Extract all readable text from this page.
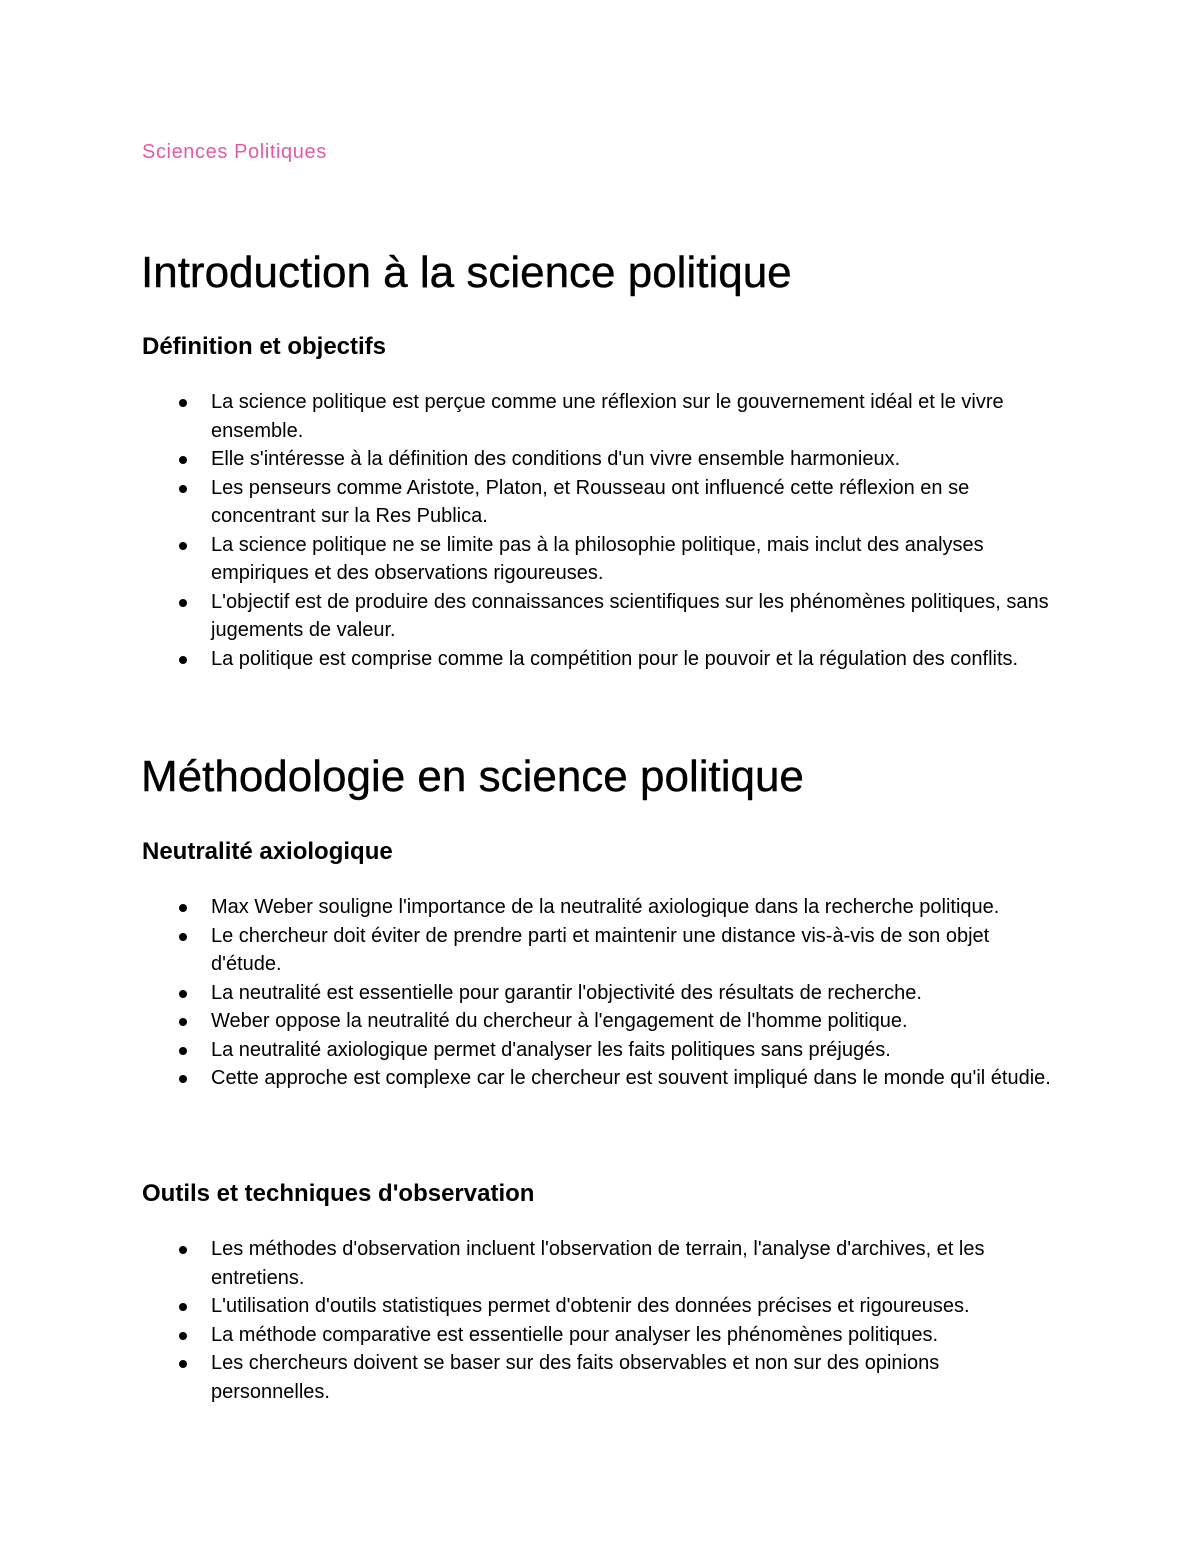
Sciences Politiques
Introduction à la science politique
Définition et objectifs
La science politique est perçue comme une réflexion sur le gouvernement idéal et le vivre ensemble.
Elle s'intéresse à la définition des conditions d'un vivre ensemble harmonieux.
Les penseurs comme Aristote, Platon, et Rousseau ont influencé cette réflexion en se concentrant sur la Res Publica.
La science politique ne se limite pas à la philosophie politique, mais inclut des analyses empiriques et des observations rigoureuses.
L'objectif est de produire des connaissances scientifiques sur les phénomènes politiques, sans jugements de valeur.
La politique est comprise comme la compétition pour le pouvoir et la régulation des conflits.
Méthodologie en science politique
Neutralité axiologique
Max Weber souligne l'importance de la neutralité axiologique dans la recherche politique.
Le chercheur doit éviter de prendre parti et maintenir une distance vis-à-vis de son objet d'étude.
La neutralité est essentielle pour garantir l'objectivité des résultats de recherche.
Weber oppose la neutralité du chercheur à l'engagement de l'homme politique.
La neutralité axiologique permet d'analyser les faits politiques sans préjugés.
Cette approche est complexe car le chercheur est souvent impliqué dans le monde qu'il étudie.
Outils et techniques d'observation
Les méthodes d'observation incluent l'observation de terrain, l'analyse d'archives, et les entretiens.
L'utilisation d'outils statistiques permet d'obtenir des données précises et rigoureuses.
La méthode comparative est essentielle pour analyser les phénomènes politiques.
Les chercheurs doivent se baser sur des faits observables et non sur des opinions personnelles.
